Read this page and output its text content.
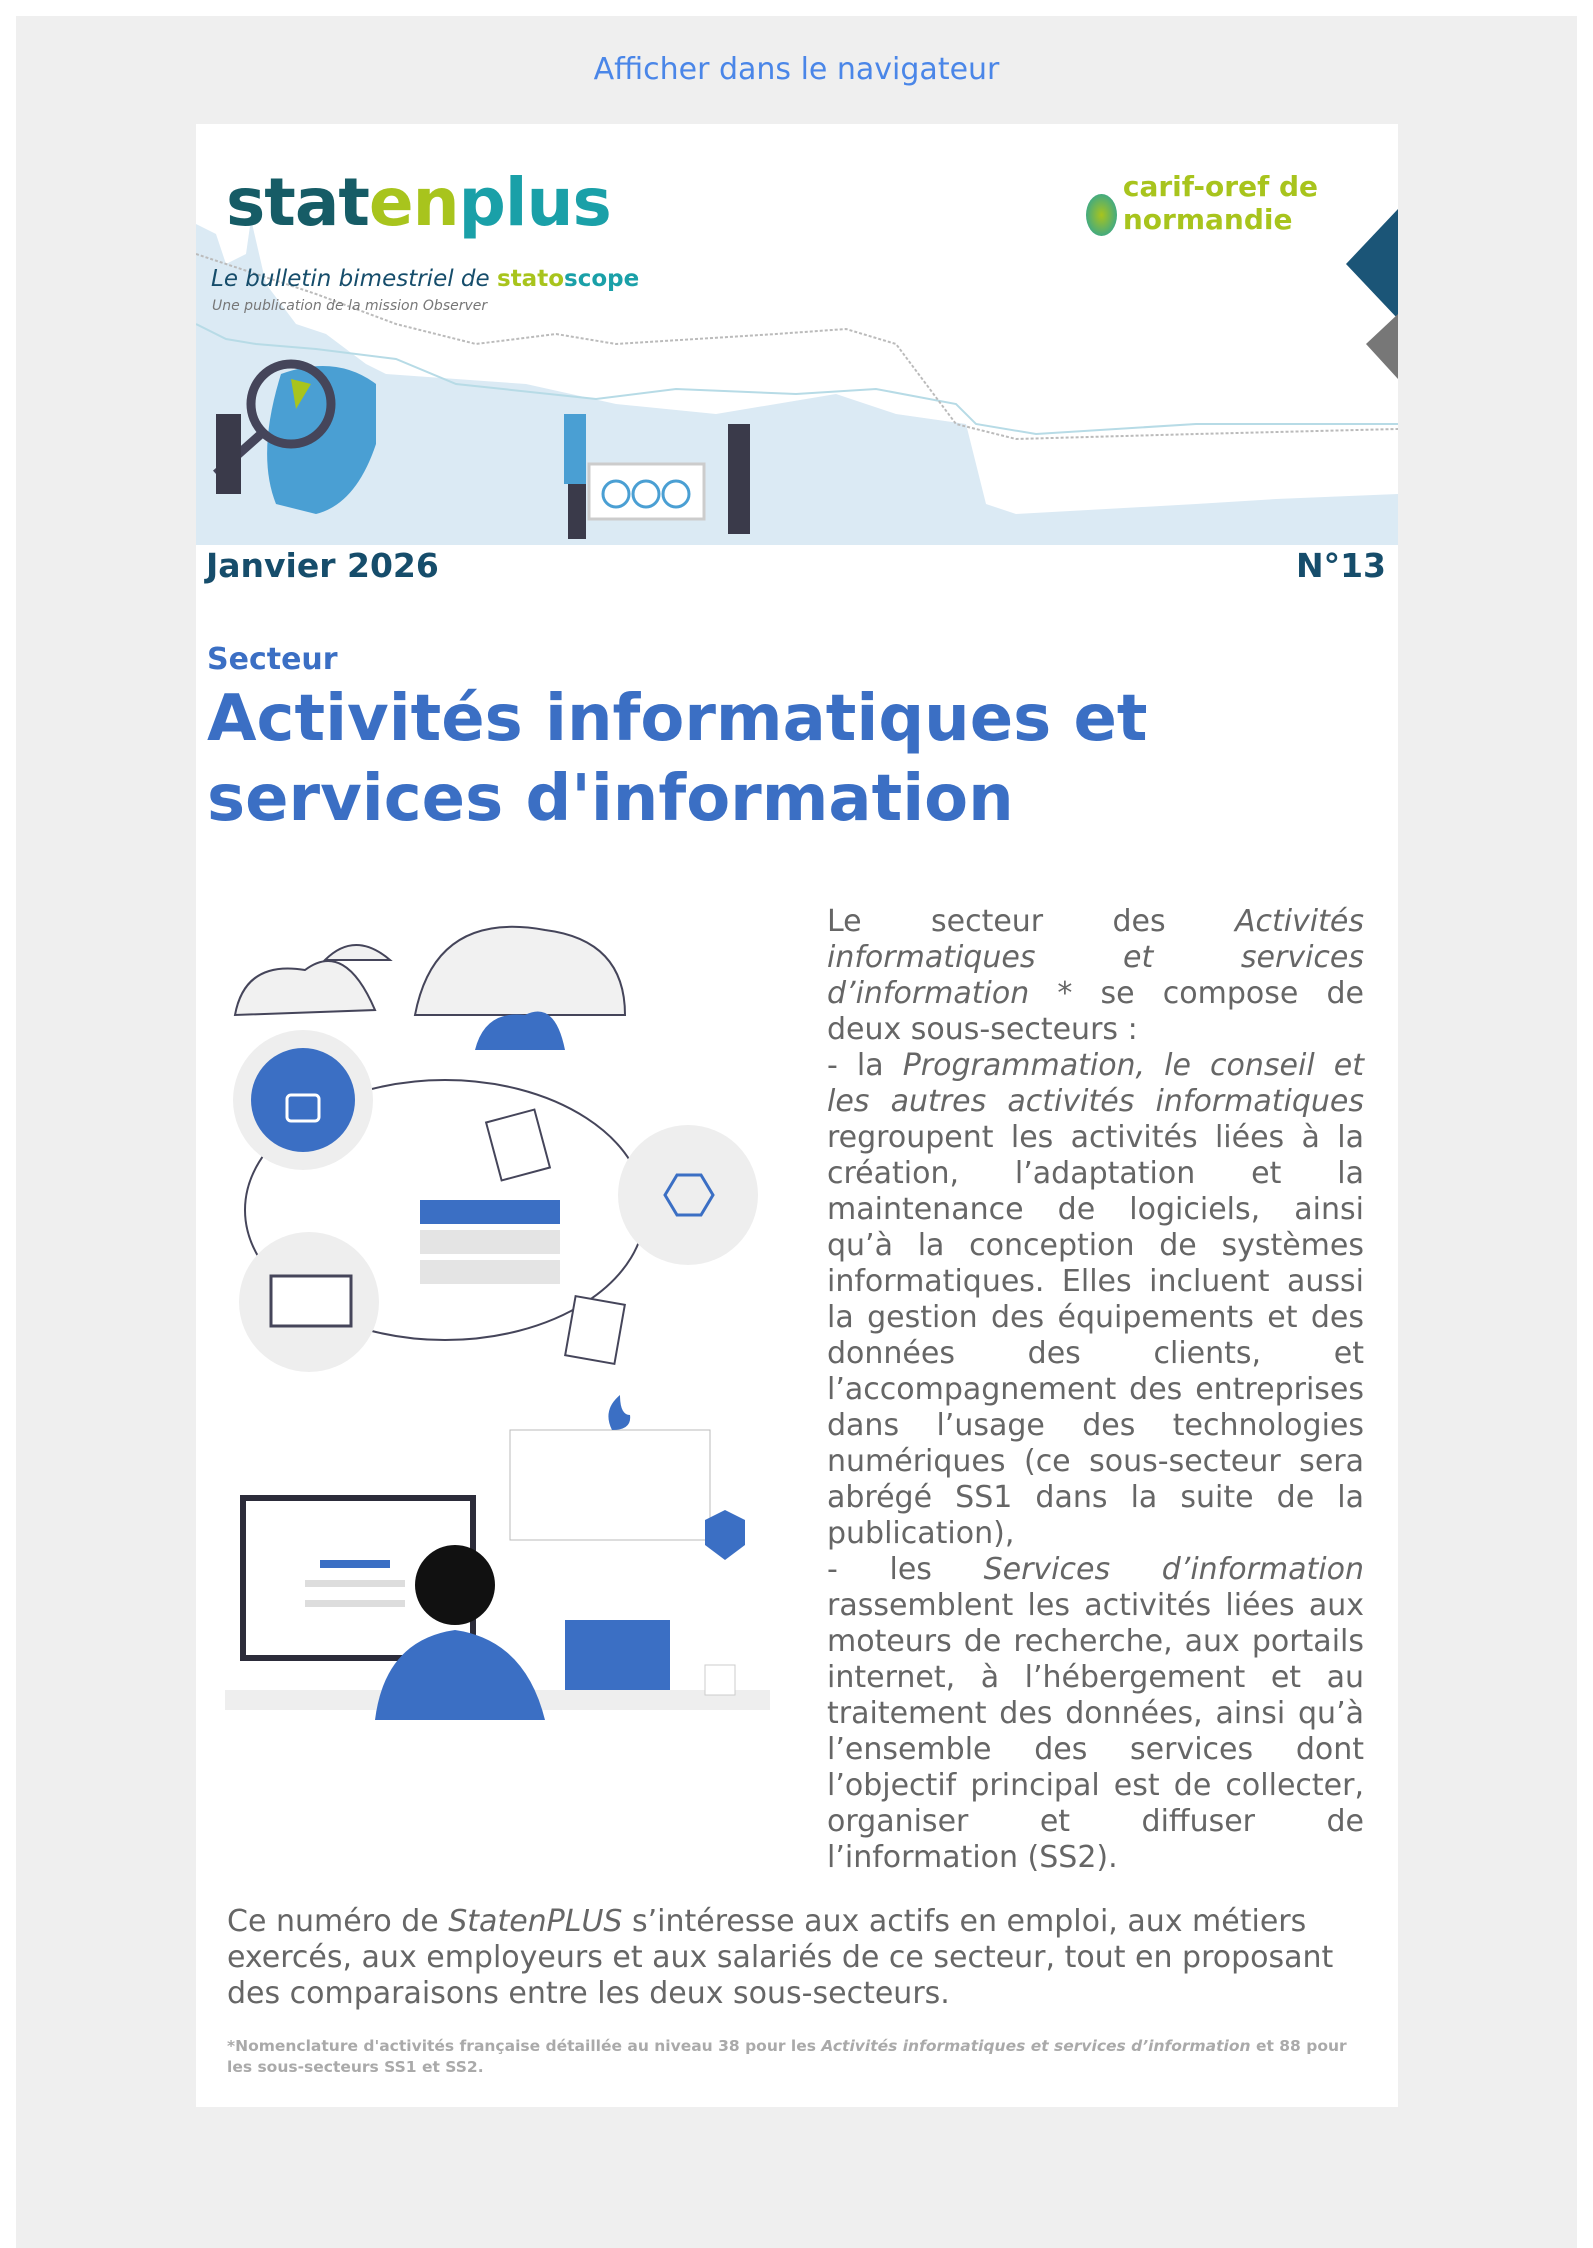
Afficher dans le navigateur
statenplus
Le bulletin bimestriel de statoscope
Une publication de la mission Observer
carif-oref de normandie
Janvier 2026	N°13
Secteur
Activités informatiques et services d'information
Le secteur des Activités informatiques et services d’information * se compose de deux sous-secteurs :
- la Programmation, le conseil et les autres activités informatiques regroupent les activités liées à la création, l’adaptation et la maintenance de logiciels, ainsi qu’à la conception de systèmes informatiques. Elles incluent aussi la gestion des équipements et des données des clients, et l’accompagnement des entreprises dans l’usage des technologies numériques (ce sous-secteur sera abrégé SS1 dans la suite de la publication),
- les Services d’information rassemblent les activités liées aux moteurs de recherche, aux portails internet, à l’hébergement et au traitement des données, ainsi qu’à l’ensemble des services dont l’objectif principal est de collecter, organiser et diffuser de l’information (SS2).
Ce numéro de StatenPLUS s’intéresse aux actifs en emploi, aux métiers exercés, aux employeurs et aux salariés de ce secteur, tout en proposant des comparaisons entre les deux sous-secteurs.
*Nomenclature d'activités française détaillée au niveau 38 pour les Activités informatiques et services d’information et 88 pour les sous-secteurs SS1 et SS2.
